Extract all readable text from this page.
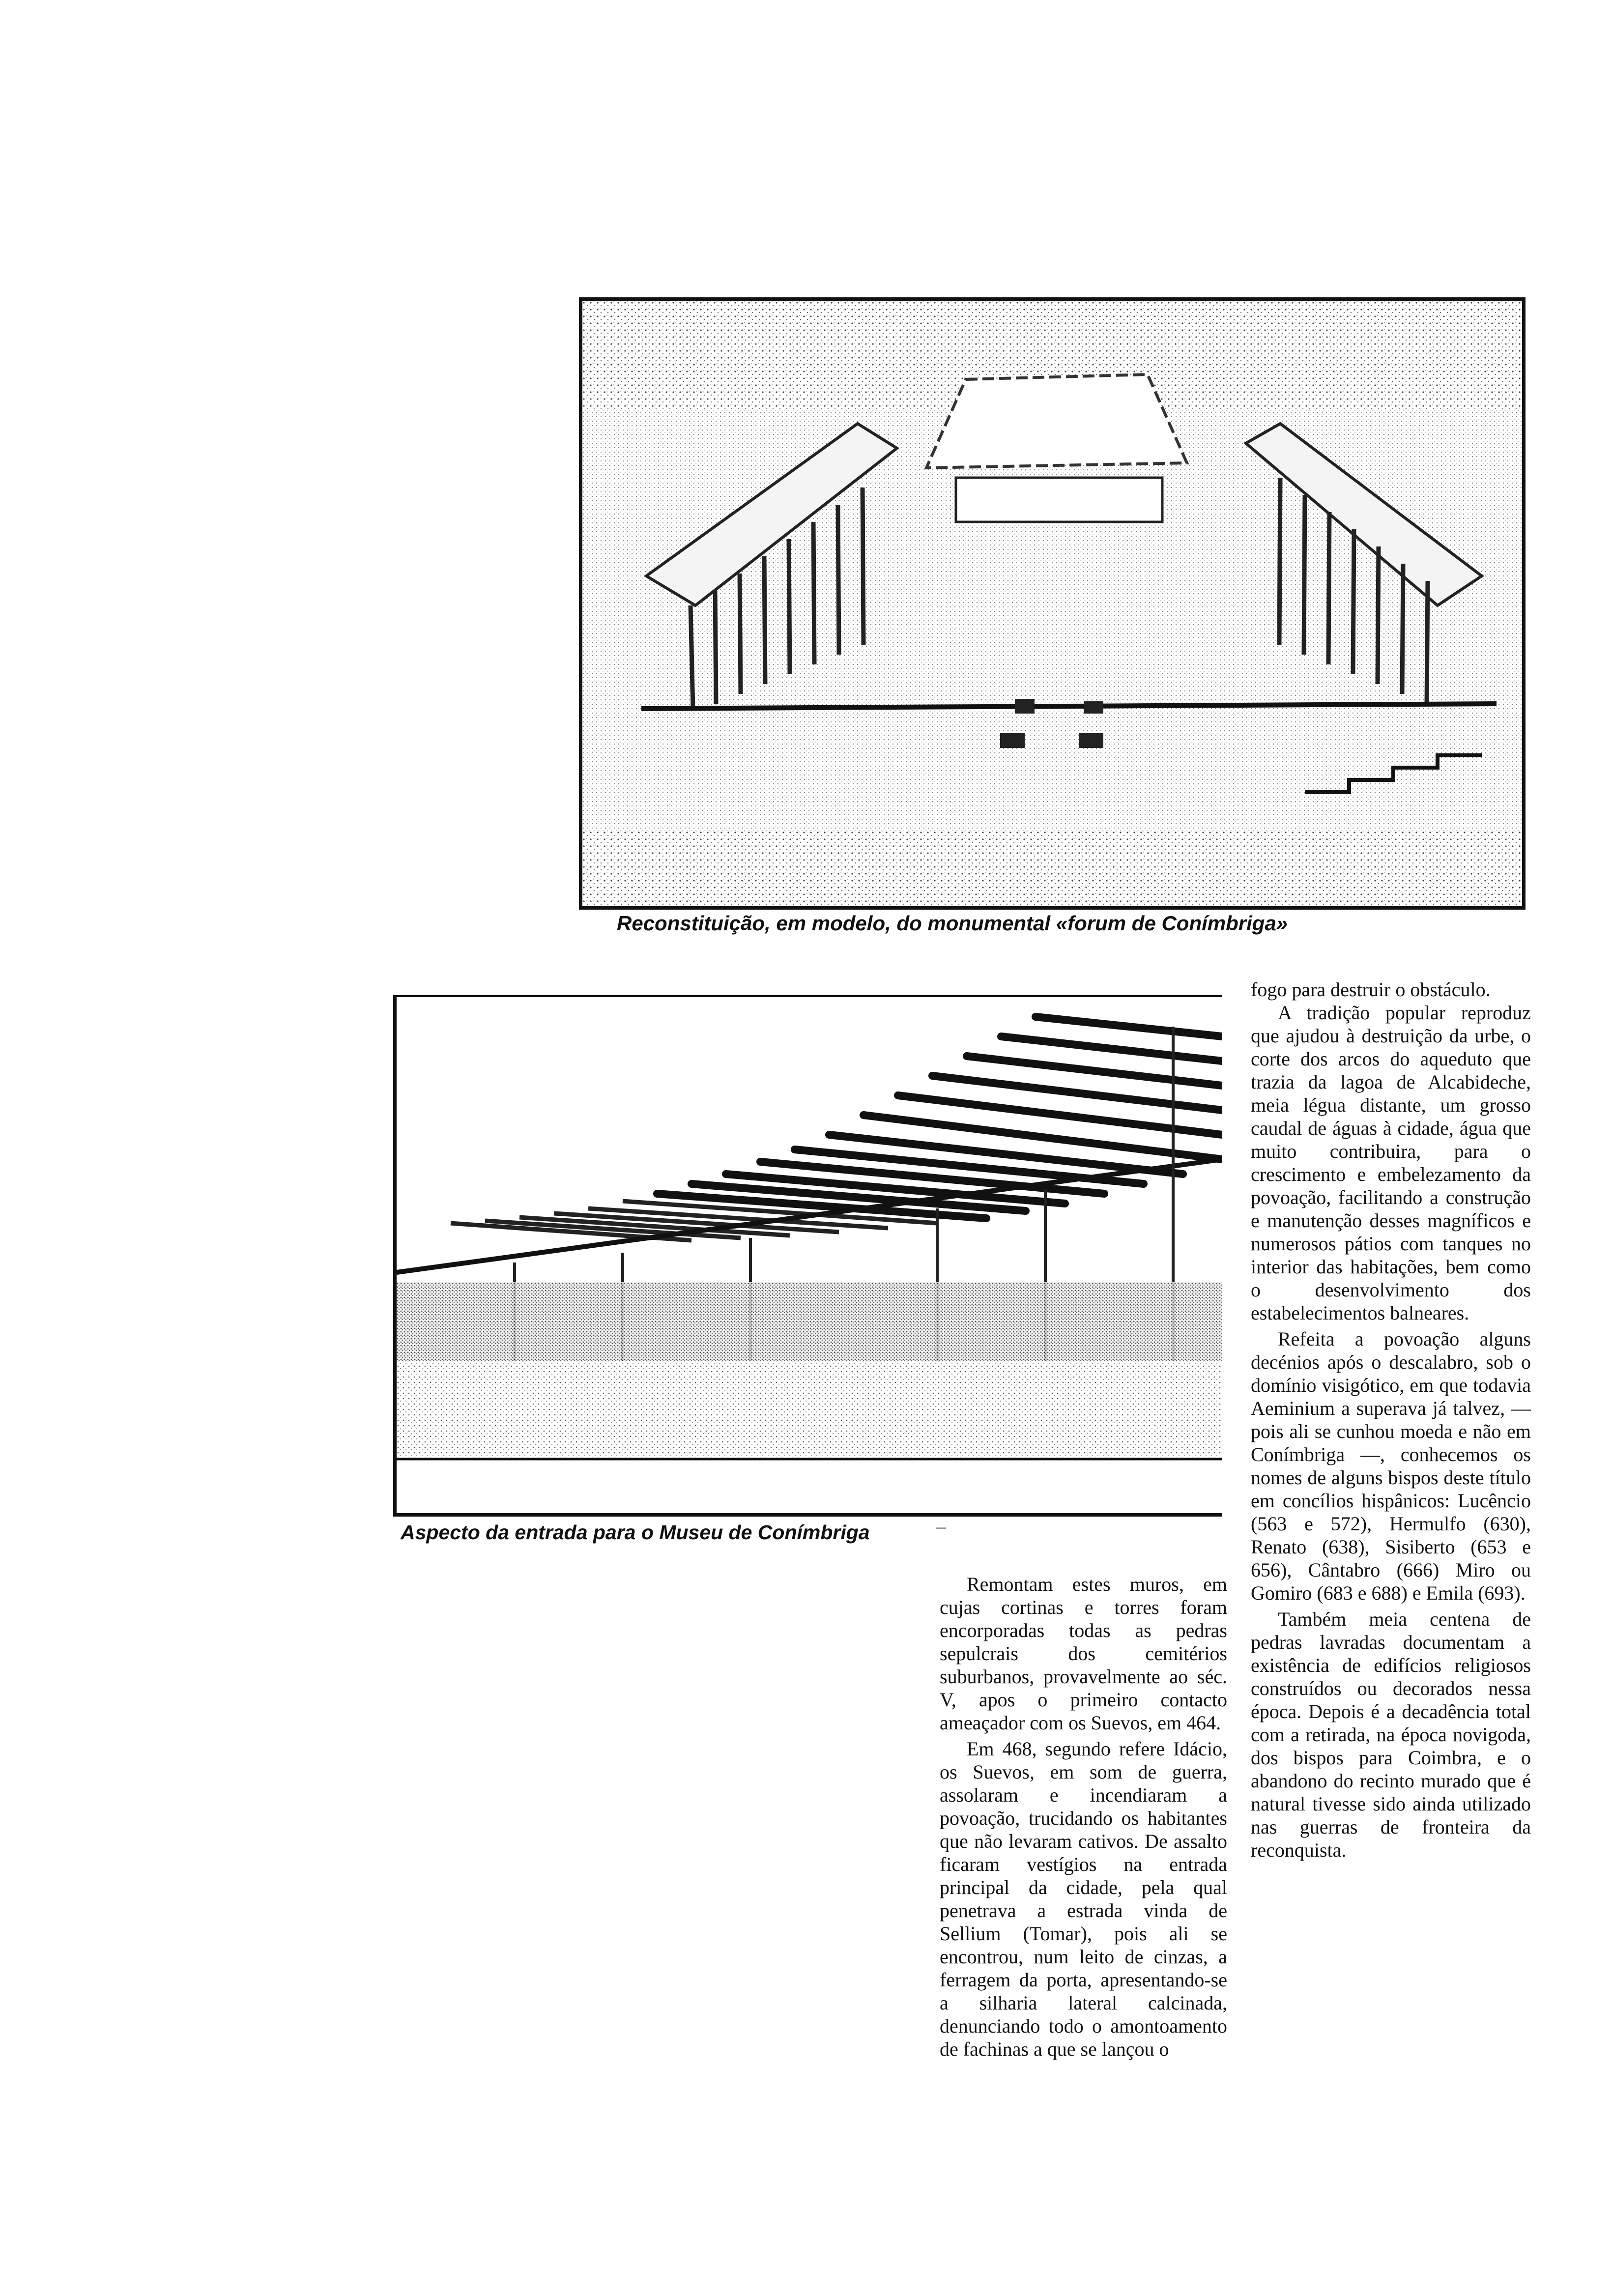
Reconstituição, em modelo, do monumental «forum de Conímbriga»
Aspecto da entrada para o Museu de Conímbriga	–

Remontam estes muros, em cujas cortinas e torres foram encorporadas todas as pedras sepulcrais dos cemitérios suburbanos, provavelmente ao séc. V, apos o primeiro contacto ameaçador com os Suevos, em 464.

Em 468, segundo refere Idácio, os Suevos, em som de guerra, assolaram e incendiaram a povoação, trucidando os habitantes que não levaram cativos. De assalto ficaram vestígios na entrada principal da cidade, pela qual penetrava a estrada vinda de Sellium (Tomar), pois ali se encontrou, num leito de cinzas, a ferragem da porta, apresentando-se a silharia lateral calcinada, denunciando todo o amontoamento de fachinas a que se lançou o

fogo para destruir o obstáculo.

A tradição popular reproduz que ajudou à destruição da urbe, o corte dos arcos do aqueduto que trazia da lagoa de Alcabideche, meia légua distante, um grosso caudal de águas à cidade, água que muito contribuira, para o crescimento e embelezamento da povoação, facilitando a construção e manutenção desses magníficos e numerosos pátios com tanques no interior das habitações, bem como o desenvolvimento dos estabelecimentos balneares.

Refeita a povoação alguns decénios após o descalabro, sob o domínio visigótico, em que todavia Aeminium a superava já talvez, — pois ali se cunhou moeda e não em Conímbriga —, conhecemos os nomes de alguns bispos deste título em concílios hispânicos: Lucêncio (563 e 572), Hermulfo (630), Renato (638), Sisiberto (653 e 656), Cântabro (666) Miro ou Gomiro (683 e 688) e Emila (693).

Também meia centena de pedras lavradas documentam a existência de edifícios religiosos construídos ou decorados nessa época. Depois é a decadência total com a retirada, na época novigoda, dos bispos para Coimbra, e o abandono do recinto murado que é natural tivesse sido ainda utilizado nas guerras de fronteira da reconquista.
